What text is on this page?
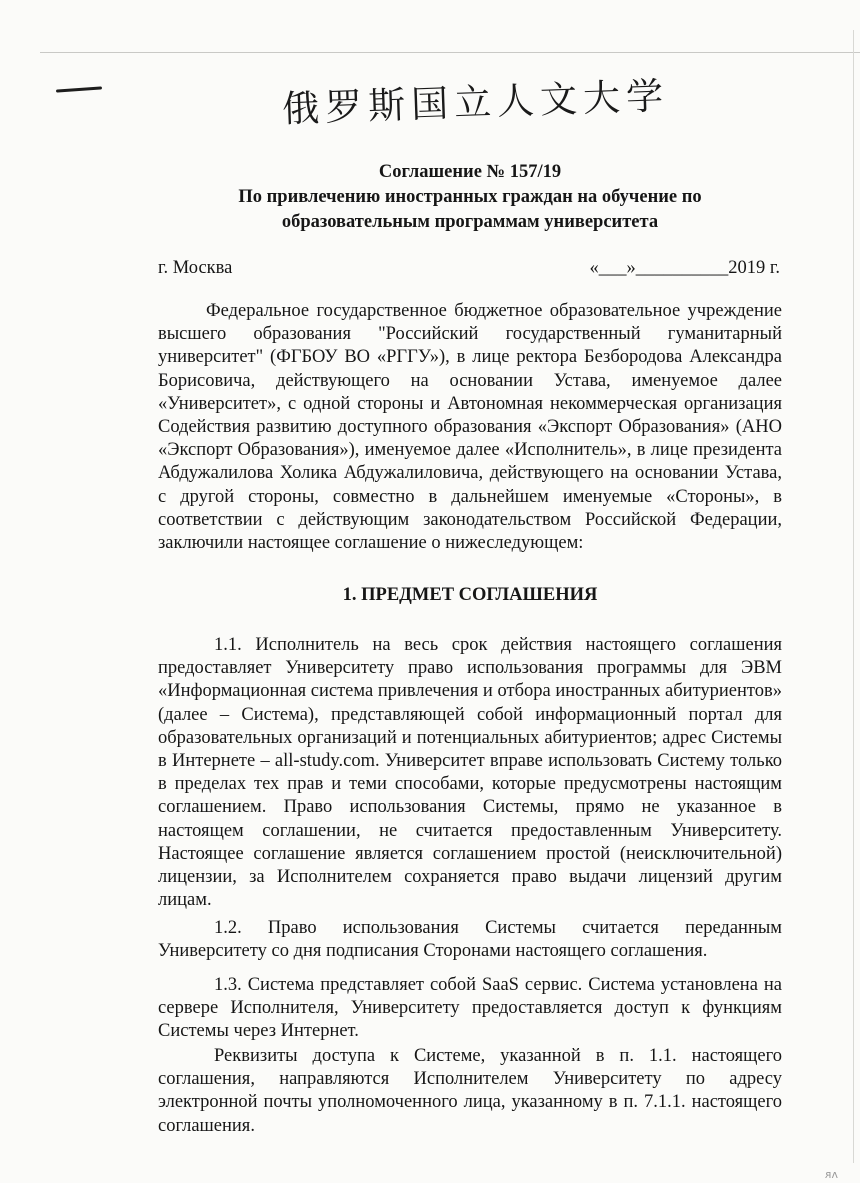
俄罗斯国立人文大学
Соглашение № 157/19
По привлечению иностранных граждан на обучение по
образовательным программам университета
г. Москва	«___»__________2019 г.

Федеральное государственное бюджетное образовательное учреждение высшего образования "Российский государственный гуманитарный университет" (ФГБОУ ВО «РГГУ»), в лице ректора Безбородова Александра Борисовича, действующего на основании Устава, именуемое далее «Университет», с одной стороны и Автономная некоммерческая организация Содействия развитию доступного образования «Экспорт Образования» (АНО «Экспорт Образования»), именуемое далее «Исполнитель», в лице президента Абдужалилова Холика Абдужалиловича, действующего на основании Устава, с другой стороны, совместно в дальнейшем именуемые «Стороны», в соответствии с действующим законодательством Российской Федерации, заключили настоящее соглашение о нижеследующем:

1. ПРЕДМЕТ СОГЛАШЕНИЯ

1.1. Исполнитель на весь срок действия настоящего соглашения предоставляет Университету право использования программы для ЭВМ «Информационная система привлечения и отбора иностранных абитуриентов» (далее – Система), представляющей собой информационный портал для образовательных организаций и потенциальных абитуриентов; адрес Системы в Интернете – all-study.com. Университет вправе использовать Систему только в пределах тех прав и теми способами, которые предусмотрены настоящим соглашением. Право использования Системы, прямо не указанное в настоящем соглашении, не считается предоставленным Университету. Настоящее соглашение является соглашением простой (неисключительной) лицензии, за Исполнителем сохраняется право выдачи лицензий другим лицам.

1.2. Право использования Системы считается переданным Университету со дня подписания Сторонами настоящего соглашения.

1.3. Система представляет собой SaaS сервис. Система установлена на сервере Исполнителя, Университету предоставляется доступ к функциям Системы через Интернет.

Реквизиты доступа к Системе, указанной в п. 1.1. настоящего соглашения, направляются Исполнителем Университету по адресу электронной почты уполномоченного лица, указанному в п. 7.1.1. настоящего соглашения.

ᴙᴧ
